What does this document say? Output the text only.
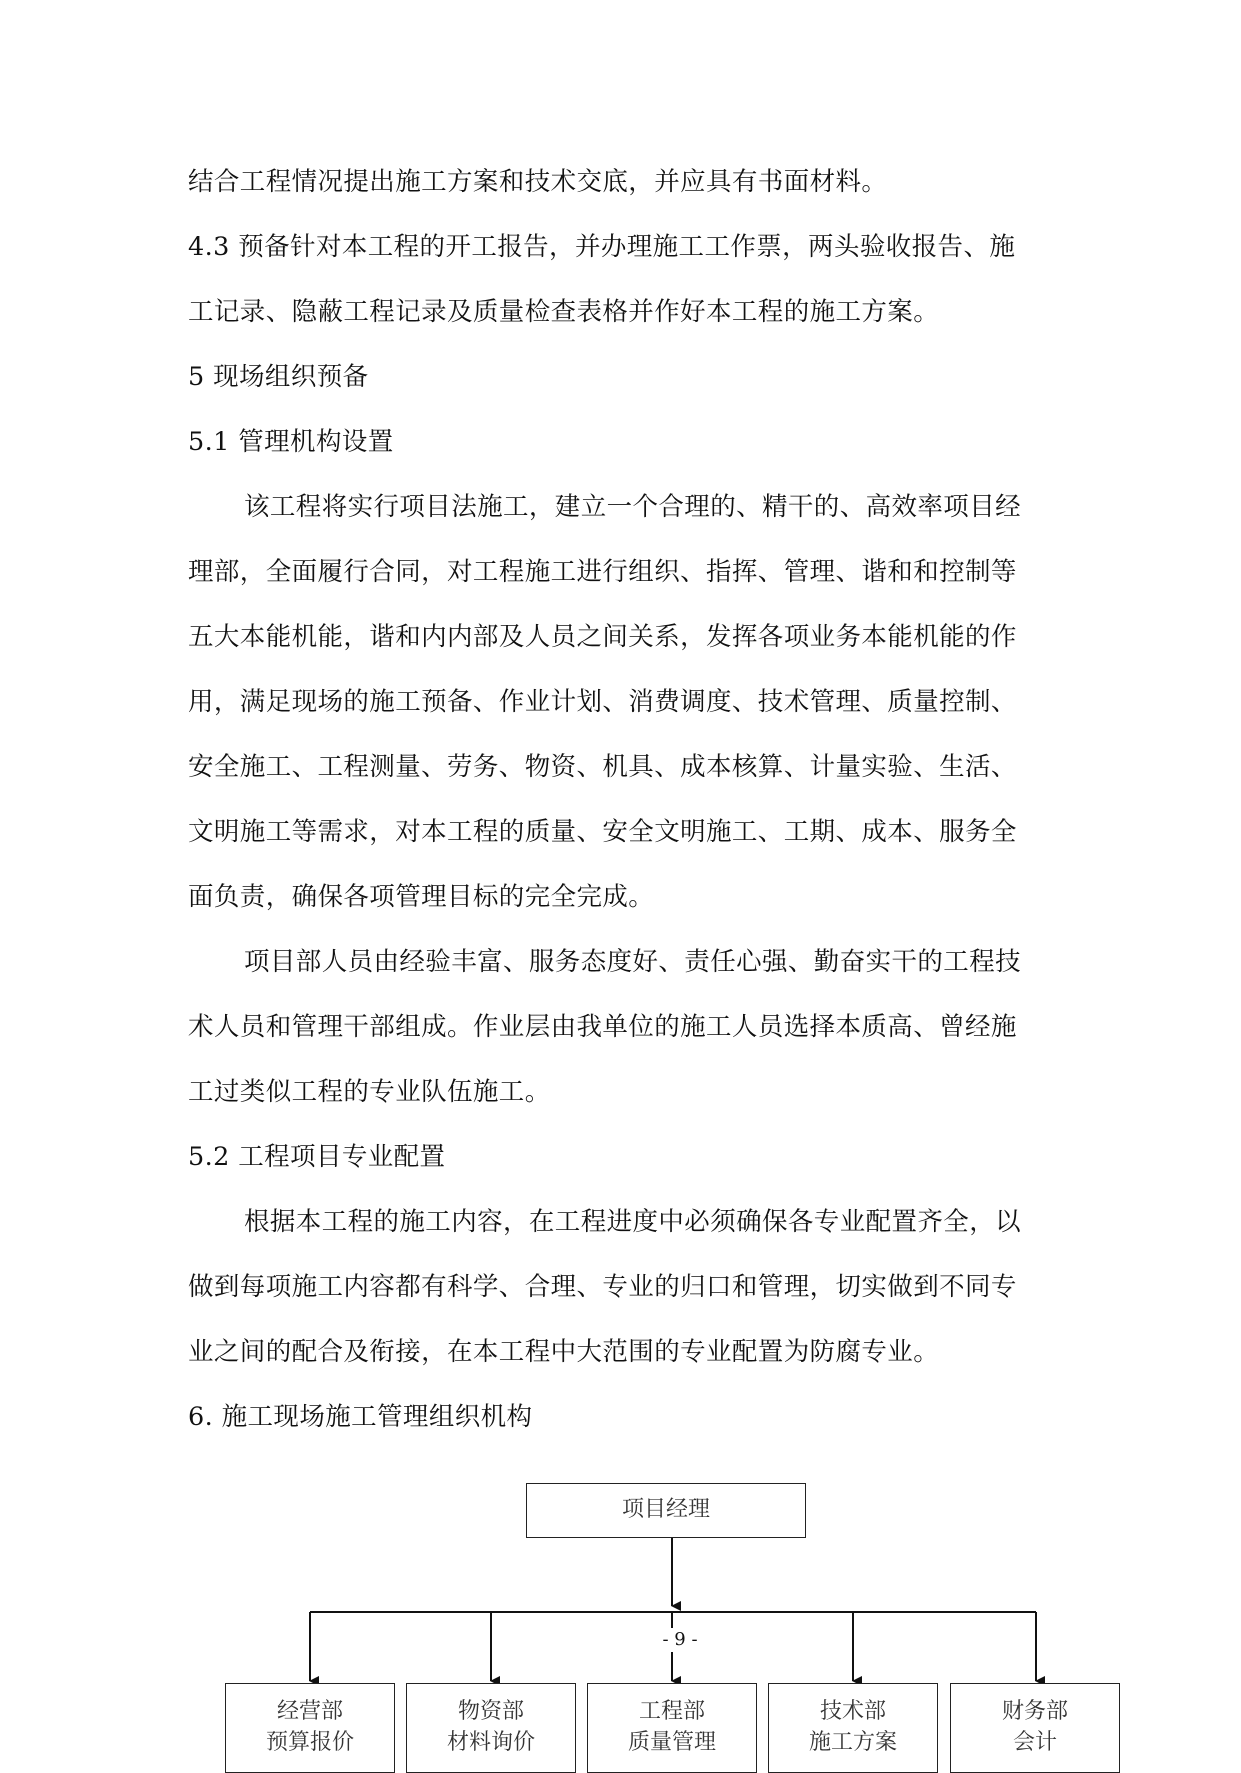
结合工程情况提出施工方案和技术交底，并应具有书面材料。
4.3 预备针对本工程的开工报告，并办理施工工作票，两头验收报告、施
工记录、隐蔽工程记录及质量检查表格并作好本工程的施工方案。
5 现场组织预备
5.1 管理机构设置
该工程将实行项目法施工，建立一个合理的、精干的、高效率项目经
理部，全面履行合同，对工程施工进行组织、指挥、管理、谐和和控制等
五大本能机能，谐和内内部及人员之间关系，发挥各项业务本能机能的作
用，满足现场的施工预备、作业计划、消费调度、技术管理、质量控制、
安全施工、工程测量、劳务、物资、机具、成本核算、计量实验、生活、
文明施工等需求，对本工程的质量、安全文明施工、工期、成本、服务全
面负责，确保各项管理目标的完全完成。
项目部人员由经验丰富、服务态度好、责任心强、勤奋实干的工程技
术人员和管理干部组成。作业层由我单位的施工人员选择本质高、曾经施
工过类似工程的专业队伍施工。
5.2 工程项目专业配置
根据本工程的施工内容，在工程进度中必须确保各专业配置齐全，以
做到每项施工内容都有科学、合理、专业的归口和管理，切实做到不同专
业之间的配合及衔接，在本工程中大范围的专业配置为防腐专业。
6. 施工现场施工管理组织机构
项目经理
经营部
预算报价
物资部
材料询价
工程部
质量管理
技术部
施工方案
财务部
会计
- 9 -
